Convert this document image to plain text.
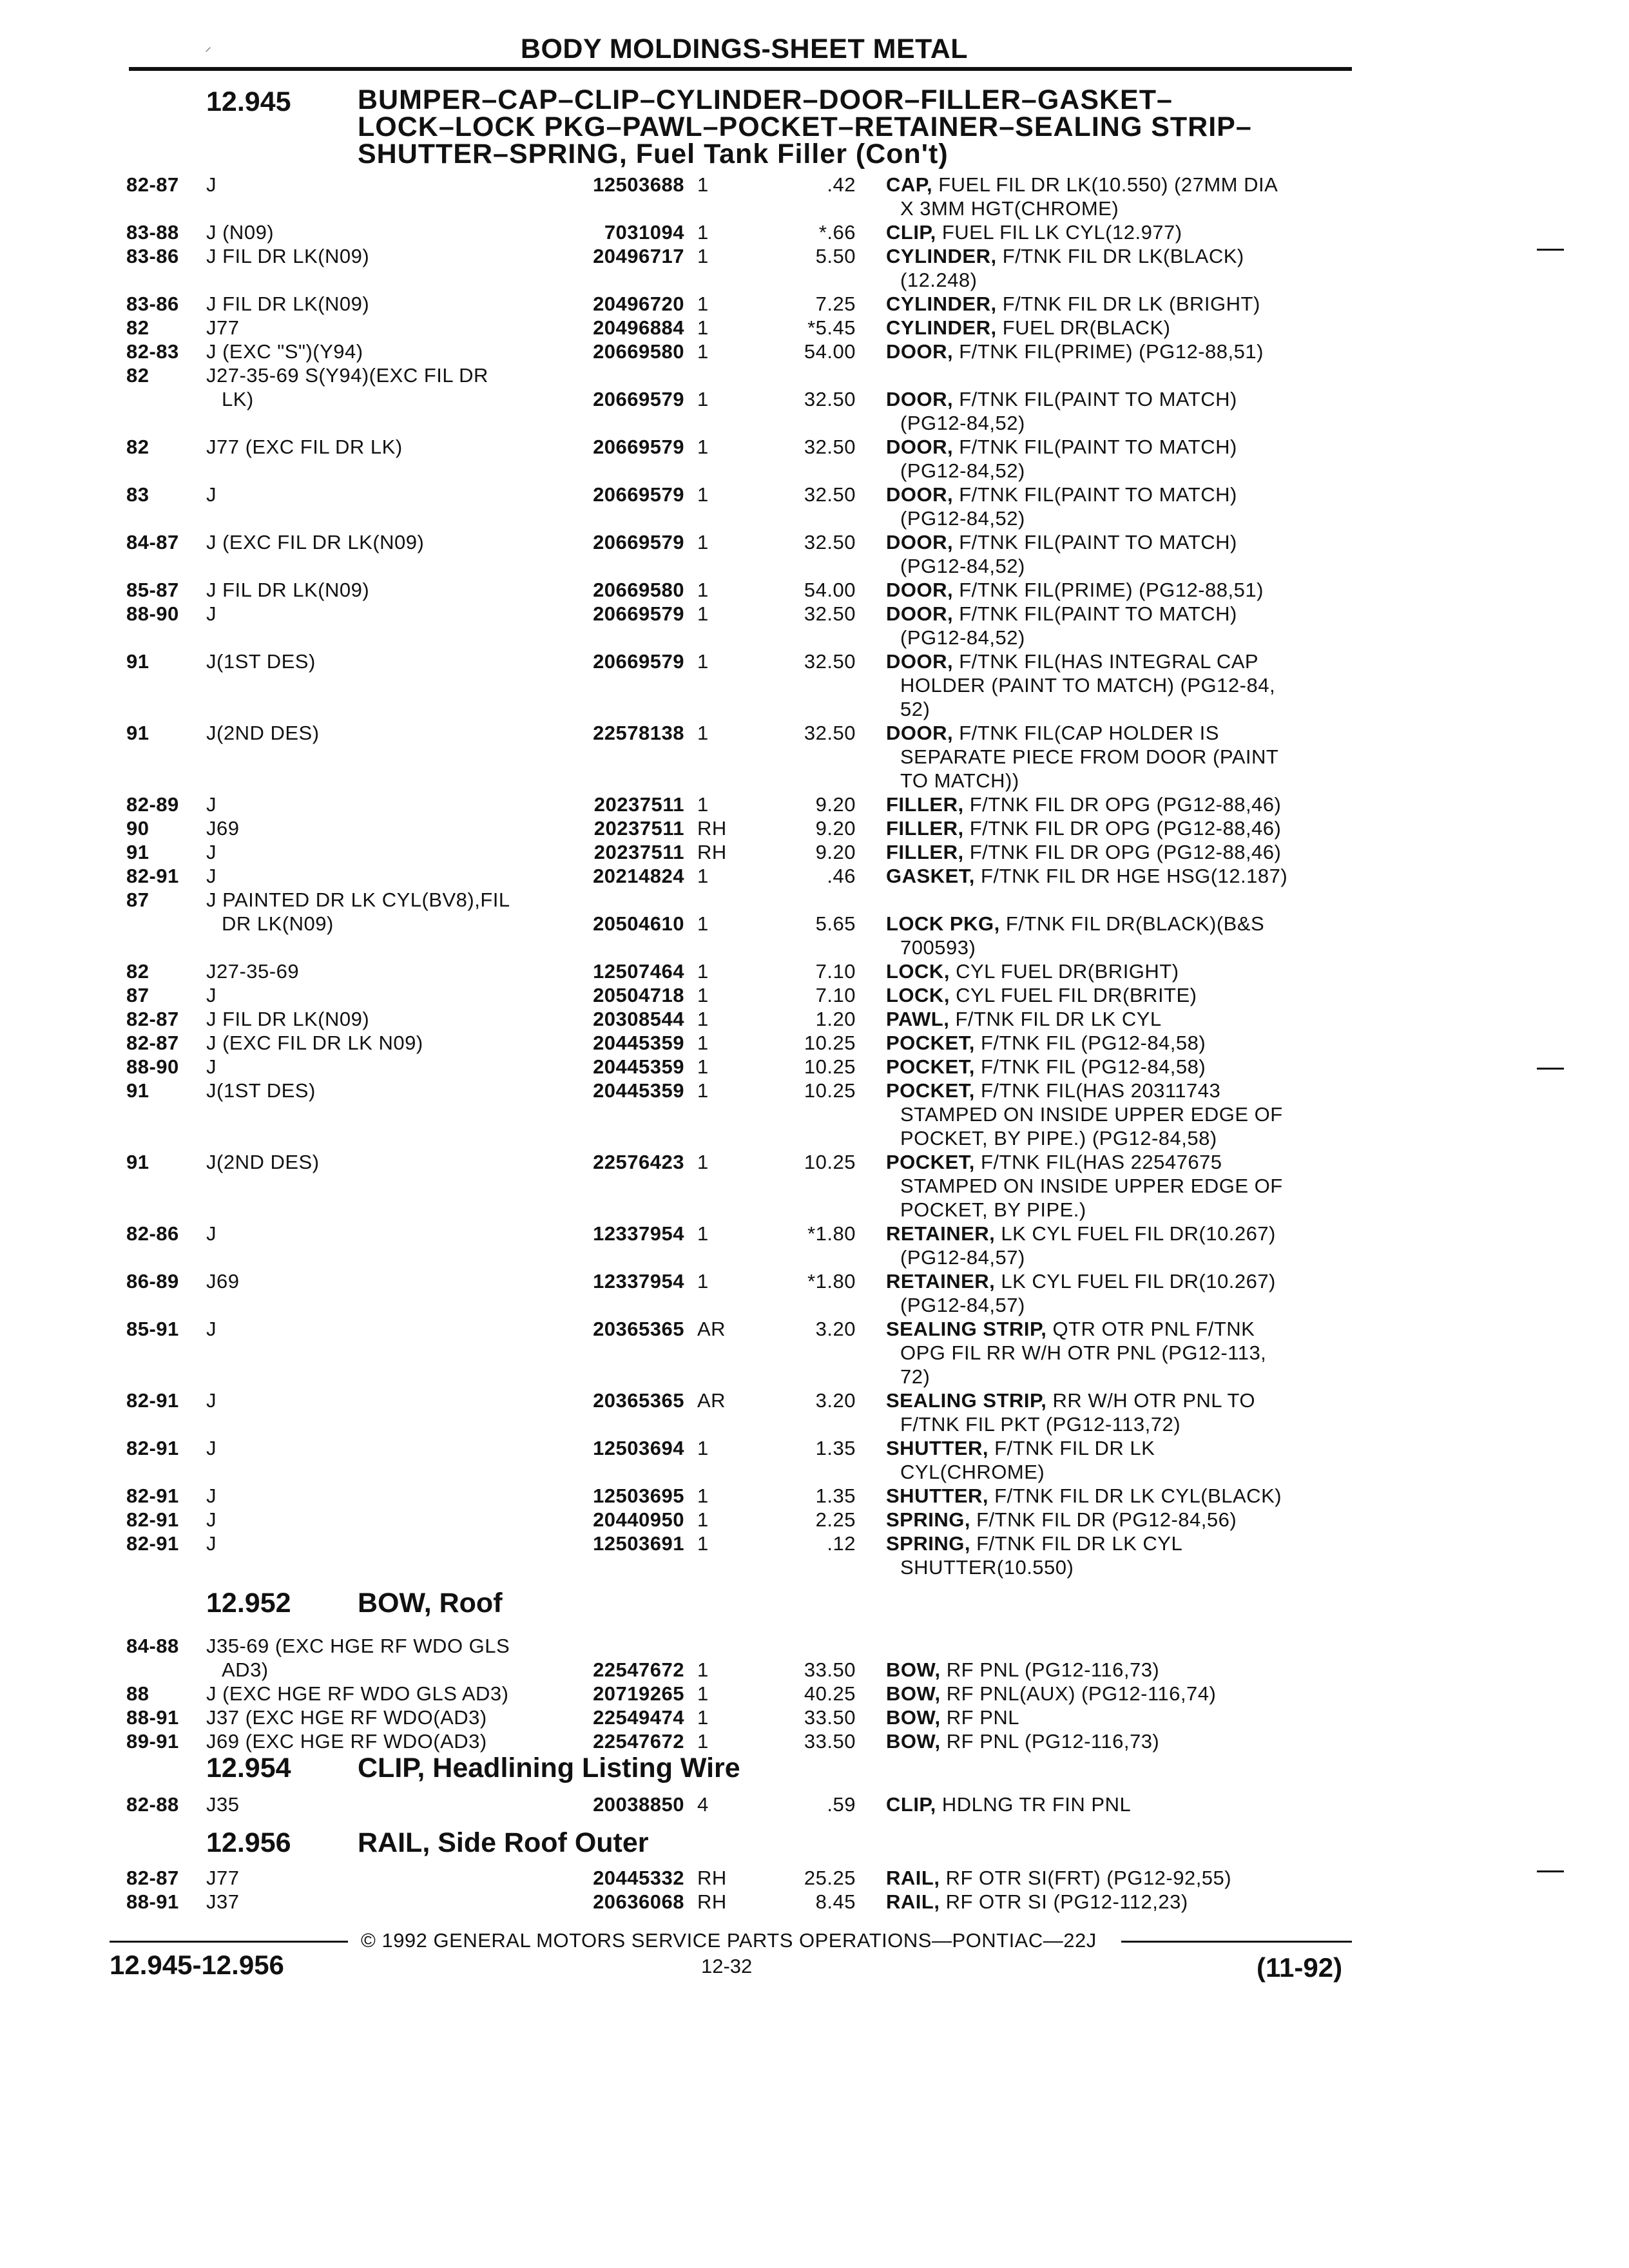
⸝	BODY MOLDINGS-SHEET METAL
12.945 BUMPER–CAP–CLIP–CYLINDER–DOOR–FILLER–GASKET–
LOCK–LOCK PKG–PAWL–POCKET–RETAINER–SEALING STRIP–
SHUTTER–SPRING, Fuel Tank Filler (Con't)
82-87	J	12503688 1	.42 CAP, FUEL FIL DR LK(10.550) (27MM DIA
X 3MM HGT(CHROME)
83-88	J (N09)	7031094 1	*.66 CLIP, FUEL FIL LK CYL(12.977)
83-86	J FIL DR LK(N09)	20496717 1	5.50 CYLINDER, F/TNK FIL DR LK(BLACK)
(12.248)
83-86	J FIL DR LK(N09)	20496720 1	7.25 CYLINDER, F/TNK FIL DR LK (BRIGHT)
82	J77	20496884 1	*5.45 CYLINDER, FUEL DR(BLACK)
82-83	J (EXC "S")(Y94)	20669580 1	54.00 DOOR, F/TNK FIL(PRIME) (PG12-88,51)
82	J27-35-69 S(Y94)(EXC FIL DR
LK)	20669579 1	32.50 DOOR, F/TNK FIL(PAINT TO MATCH)
(PG12-84,52)
82	J77 (EXC FIL DR LK)	20669579 1	32.50 DOOR, F/TNK FIL(PAINT TO MATCH)
(PG12-84,52)
83	J	20669579 1	32.50 DOOR, F/TNK FIL(PAINT TO MATCH)
(PG12-84,52)
84-87	J (EXC FIL DR LK(N09)	20669579 1	32.50 DOOR, F/TNK FIL(PAINT TO MATCH)
(PG12-84,52)
85-87	J FIL DR LK(N09)	20669580 1	54.00 DOOR, F/TNK FIL(PRIME) (PG12-88,51)
88-90	J	20669579 1	32.50 DOOR, F/TNK FIL(PAINT TO MATCH)
(PG12-84,52)
91	J(1ST DES)	20669579 1	32.50 DOOR, F/TNK FIL(HAS INTEGRAL CAP
HOLDER (PAINT TO MATCH) (PG12-84,
52)
91	J(2ND DES)	22578138 1	32.50 DOOR, F/TNK FIL(CAP HOLDER IS
SEPARATE PIECE FROM DOOR (PAINT
TO MATCH))
82-89	J	20237511 1	9.20 FILLER, F/TNK FIL DR OPG (PG12-88,46)
90	J69	20237511 RH	9.20 FILLER, F/TNK FIL DR OPG (PG12-88,46)
91	J	20237511 RH	9.20 FILLER, F/TNK FIL DR OPG (PG12-88,46)
82-91	J	20214824 1	.46 GASKET, F/TNK FIL DR HGE HSG(12.187)
87	J PAINTED DR LK CYL(BV8),FIL
DR LK(N09)	20504610 1	5.65 LOCK PKG, F/TNK FIL DR(BLACK)(B&S
700593)
82	J27-35-69	12507464 1	7.10 LOCK, CYL FUEL DR(BRIGHT)
87	J	20504718 1	7.10 LOCK, CYL FUEL FIL DR(BRITE)
82-87	J FIL DR LK(N09)	20308544 1	1.20 PAWL, F/TNK FIL DR LK CYL
82-87	J (EXC FIL DR LK N09)	20445359 1	10.25 POCKET, F/TNK FIL (PG12-84,58)
88-90	J	20445359 1	10.25 POCKET, F/TNK FIL (PG12-84,58)
91	J(1ST DES)	20445359 1	10.25 POCKET, F/TNK FIL(HAS 20311743
STAMPED ON INSIDE UPPER EDGE OF
POCKET, BY PIPE.) (PG12-84,58)
91	J(2ND DES)	22576423 1	10.25 POCKET, F/TNK FIL(HAS 22547675
STAMPED ON INSIDE UPPER EDGE OF
POCKET, BY PIPE.)
82-86	J	12337954 1	*1.80 RETAINER, LK CYL FUEL FIL DR(10.267)
(PG12-84,57)
86-89	J69	12337954 1	*1.80 RETAINER, LK CYL FUEL FIL DR(10.267)
(PG12-84,57)
85-91	J	20365365 AR	3.20 SEALING STRIP, QTR OTR PNL F/TNK
OPG FIL RR W/H OTR PNL (PG12-113,
72)
82-91	J	20365365 AR	3.20 SEALING STRIP, RR W/H OTR PNL TO
F/TNK FIL PKT (PG12-113,72)
82-91	J	12503694 1	1.35 SHUTTER, F/TNK FIL DR LK
CYL(CHROME)
82-91	J	12503695 1	1.35 SHUTTER, F/TNK FIL DR LK CYL(BLACK)
82-91	J	20440950 1	2.25 SPRING, F/TNK FIL DR (PG12-84,56)
82-91	J	12503691 1	.12 SPRING, F/TNK FIL DR LK CYL
SHUTTER(10.550)
12.952 BOW, Roof
84-88	J35-69 (EXC HGE RF WDO GLS
AD3)	22547672 1	33.50 BOW, RF PNL (PG12-116,73)
88	J (EXC HGE RF WDO GLS AD3)	20719265 1	40.25 BOW, RF PNL(AUX) (PG12-116,74)
88-91	J37 (EXC HGE RF WDO(AD3)	22549474 1	33.50 BOW, RF PNL
89-91	J69 (EXC HGE RF WDO(AD3)	22547672 1	33.50 BOW, RF PNL (PG12-116,73)
12.954 CLIP, Headlining Listing Wire
82-88	J35	20038850 4	.59 CLIP, HDLNG TR FIN PNL
12.956 RAIL, Side Roof Outer
82-87	J77	20445332 RH	25.25 RAIL, RF OTR SI(FRT) (PG12-92,55)
88-91	J37	20636068 RH	8.45 RAIL, RF OTR SI (PG12-112,23)
© 1992 GENERAL MOTORS SERVICE PARTS OPERATIONS—PONTIAC—22J
12.945-12.956	12-32	(11-92)
